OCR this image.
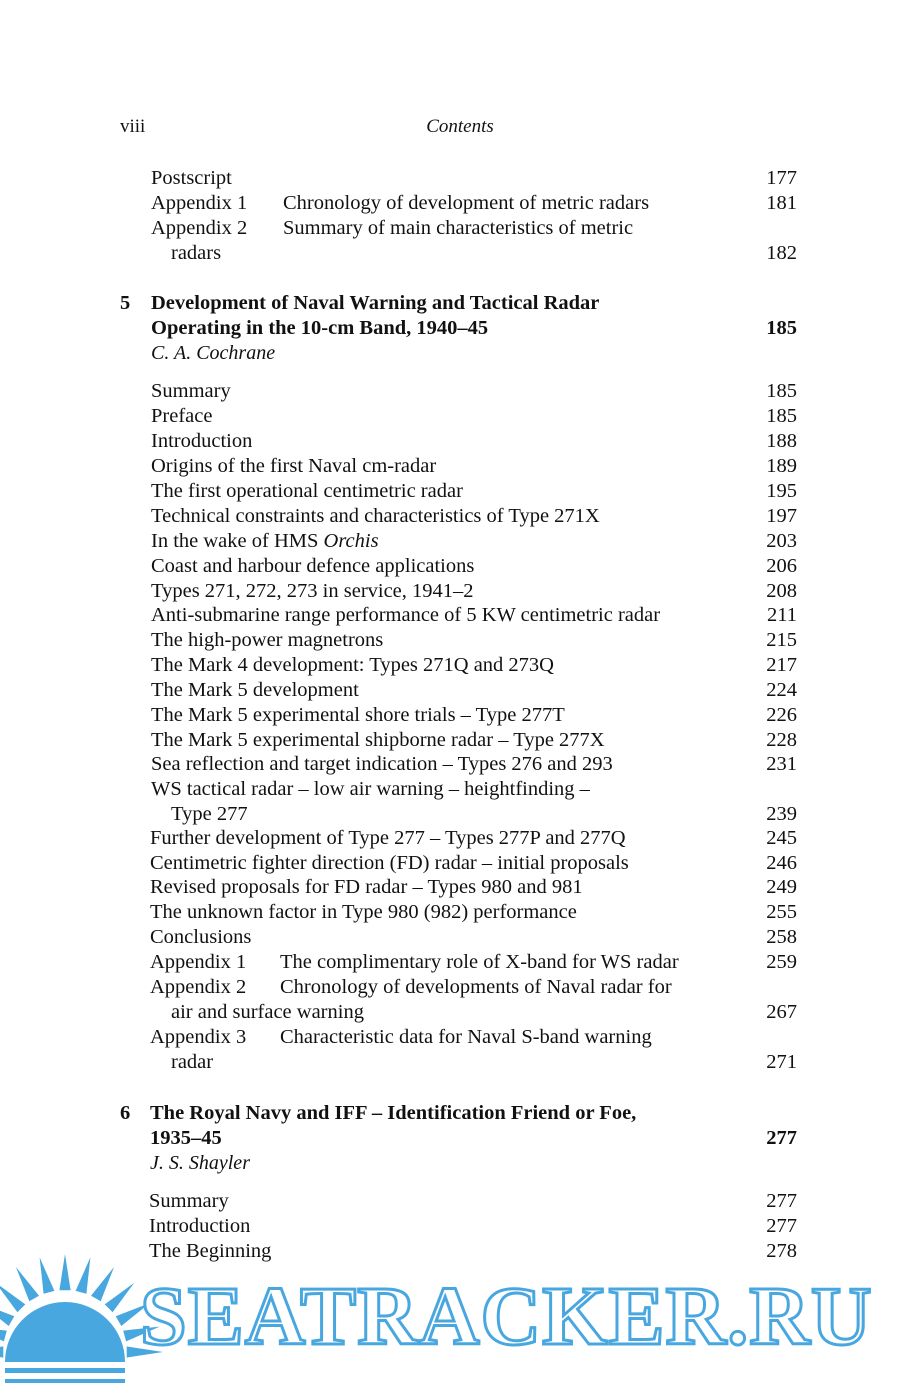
viii	Contents
Postscript	177
Appendix 1 Chronology of development of metric radars	181
Appendix 2 Summary of main characteristics of metric
radars	182
5 Development of Naval Warning and Tactical Radar
Operating in the 10-cm Band, 1940–45	185
C. A. Cochrane
Summary	185
Preface	185
Introduction	188
Origins of the first Naval cm-radar	189
The first operational centimetric radar	195
Technical constraints and characteristics of Type 271X	197
In the wake of HMS Orchis	203
Coast and harbour defence applications	206
Types 271, 272, 273 in service, 1941–2	208
Anti-submarine range performance of 5 KW centimetric radar	211
The high-power magnetrons	215
The Mark 4 development: Types 271Q and 273Q	217
The Mark 5 development	224
The Mark 5 experimental shore trials – Type 277T	226
The Mark 5 experimental shipborne radar – Type 277X	228
Sea reflection and target indication – Types 276 and 293	231
WS tactical radar – low air warning – heightfinding –
Type 277	239
Further development of Type 277 – Types 277P and 277Q	245
Centimetric fighter direction (FD) radar – initial proposals	246
Revised proposals for FD radar – Types 980 and 981	249
The unknown factor in Type 980 (982) performance	255
Conclusions	258
Appendix 1 The complimentary role of X-band for WS radar	259
Appendix 2 Chronology of developments of Naval radar for
air and surface warning	267
Appendix 3 Characteristic data for Naval S-band warning
radar	271
6 The Royal Navy and IFF – Identification Friend or Foe,
1935–45	277
J. S. Shayler
Summary	277
Introduction	277
The Beginning	278
SEATRACKER.RU
